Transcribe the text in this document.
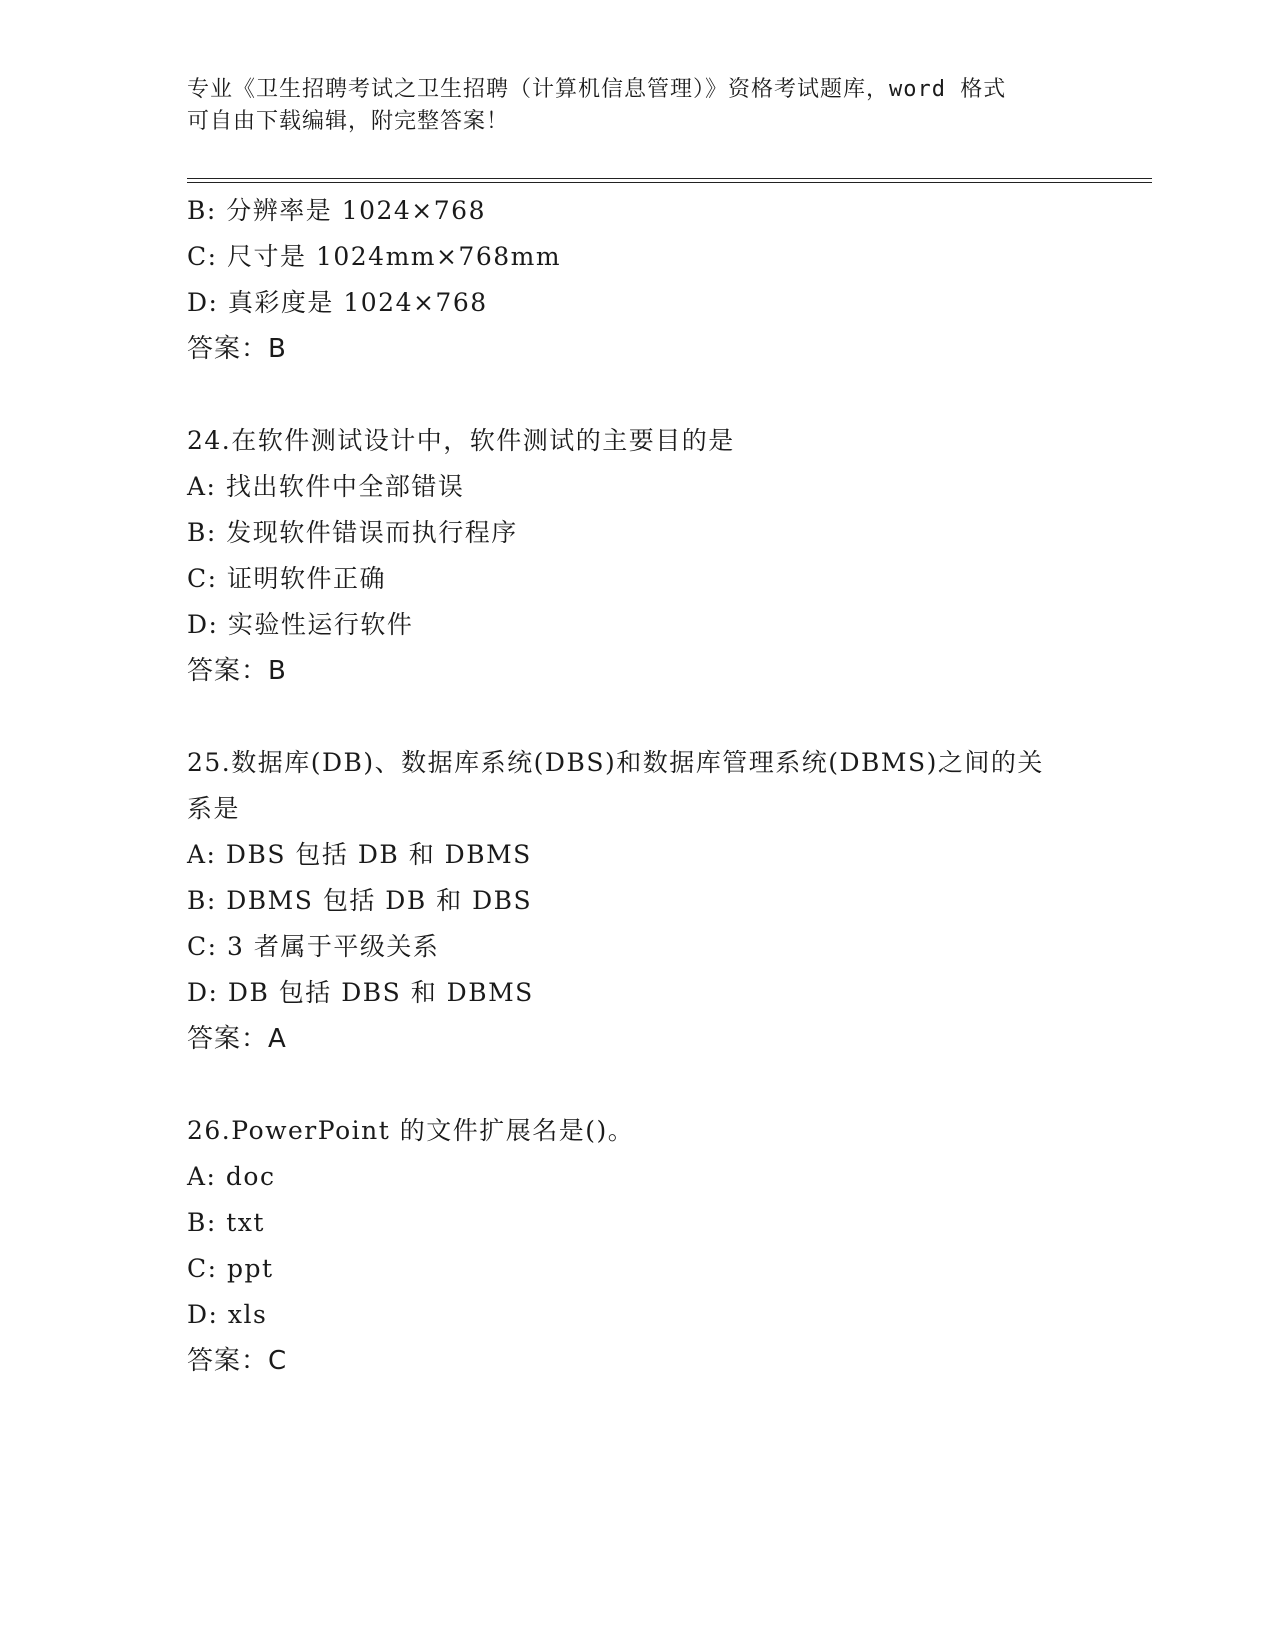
专业《卫生招聘考试之卫生招聘（计算机信息管理）》资格考试题库，word 格式
可自由下载编辑，附完整答案！
B: 分辨率是 1024×768
C: 尺寸是 1024mm×768mm
D: 真彩度是 1024×768
答案：B
24.在软件测试设计中，软件测试的主要目的是
A: 找出软件中全部错误
B: 发现软件错误而执行程序
C: 证明软件正确
D: 实验性运行软件
答案：B
25.数据库(DB)、数据库系统(DBS)和数据库管理系统(DBMS)之间的关
系是
A: DBS 包括 DB 和 DBMS
B: DBMS 包括 DB 和 DBS
C: 3 者属于平级关系
D: DB 包括 DBS 和 DBMS
答案：A
26.PowerPoint 的文件扩展名是()。
A: doc
B: txt
C: ppt
D: xls
答案：C
